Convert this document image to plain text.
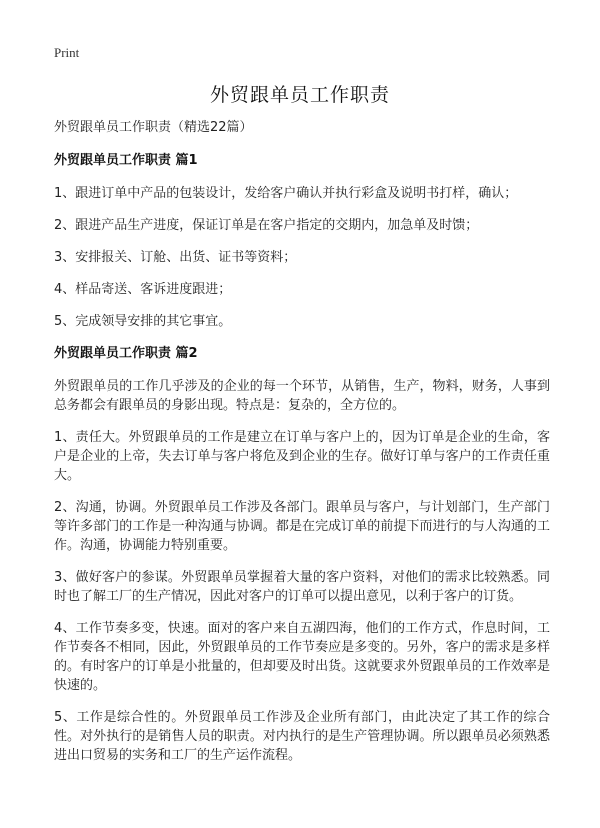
Print
外贸跟单员工作职责

外贸跟单员工作职责（精选22篇）

外贸跟单员工作职责 篇1

1、跟进订单中产品的包装设计，发给客户确认并执行彩盒及说明书打样，确认；

2、跟进产品生产进度，保证订单是在客户指定的交期内，加急单及时馈；

3、安排报关、订舱、出货、证书等资料；

4、样品寄送、客诉进度跟进；

5、完成领导安排的其它事宜。

外贸跟单员工作职责 篇2

外贸跟单员的工作几乎涉及的企业的每一个环节，从销售，生产，物料，财务，人事到总务都会有跟单员的身影出现。特点是：复杂的，全方位的。

1、责任大。外贸跟单员的工作是建立在订单与客户上的，因为订单是企业的生命，客户是企业的上帝，失去订单与客户将危及到企业的生存。做好订单与客户的工作责任重大。

2、沟通，协调。外贸跟单员工作涉及各部门。跟单员与客户，与计划部门，生产部门等许多部门的工作是一种沟通与协调。都是在完成订单的前提下而进行的与人沟通的工作。沟通，协调能力特别重要。

3、做好客户的参谋。外贸跟单员掌握着大量的客户资料，对他们的需求比较熟悉。同时也了解工厂的生产情况，因此对客户的订单可以提出意见，以利于客户的订货。

4、工作节奏多变，快速。面对的客户来自五湖四海，他们的工作方式，作息时间，工作节奏各不相同，因此，外贸跟单员的工作节奏应是多变的。另外，客户的需求是多样的。有时客户的订单是小批量的，但却要及时出货。这就要求外贸跟单员的工作效率是快速的。

5、工作是综合性的。外贸跟单员工作涉及企业所有部门，由此决定了其工作的综合性。对外执行的是销售人员的职责。对内执行的是生产管理协调。所以跟单员必须熟悉进出口贸易的实务和工厂的生产运作流程。
